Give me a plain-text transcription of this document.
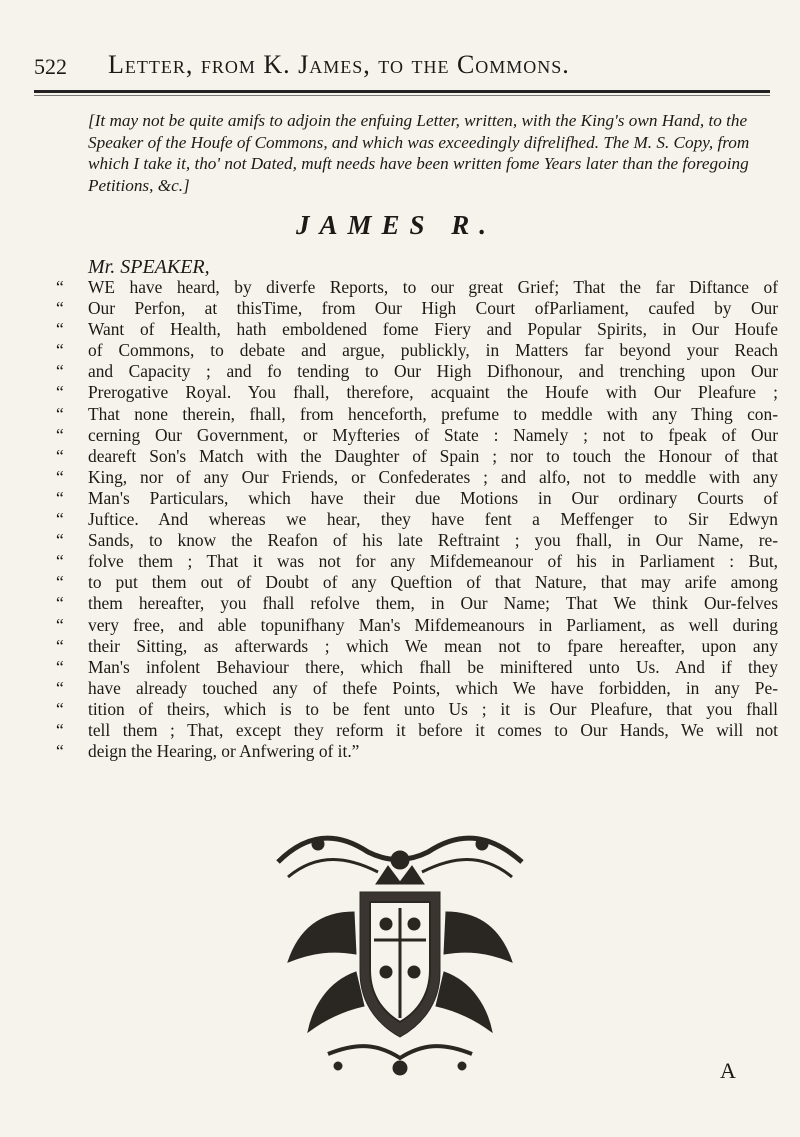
522 Letter, from K. James, to the Commons.
[It may not be quite amifs to adjoin the enfuing Letter, written, with the King's own Hand, to the Speaker of the Houfe of Commons, and which was exceedingly difrelifhed. The M. S. Copy, from which I take it, tho' not Dated, muft needs have been written fome Years later than the foregoing Petitions, &c.]
JAMES R.
Mr. SPEAKER,
“	WE have heard, by diverfe Reports, to our great Grief; That the far Diftance of
“	Our Perfon, at thisTime, from Our High Court ofParliament, caufed by Our
“	Want of Health, hath emboldened fome Fiery and Popular Spirits, in Our Houfe
“	of Commons, to debate and argue, publickly, in Matters far beyond your Reach
“	and Capacity ; and fo tending to Our High Difhonour, and trenching upon Our
“	Prerogative Royal. You fhall, therefore, acquaint the Houfe with Our Pleafure ;
“	That none therein, fhall, from henceforth, prefume to meddle with any Thing con-
“	cerning Our Government, or Myfteries of State : Namely ; not to fpeak of Our
“	deareft Son's Match with the Daughter of Spain ; nor to touch the Honour of that
“	King, nor of any Our Friends, or Confederates ; and alfo, not to meddle with any
“	Man's Particulars, which have their due Motions in Our ordinary Courts of
“	Juftice. And whereas we hear, they have fent a Meffenger to Sir Edwyn
“	Sands, to know the Reafon of his late Reftraint ; you fhall, in Our Name, re-
“	folve them ; That it was not for any Mifdemeanour of his in Parliament : But,
“	to put them out of Doubt of any Queftion of that Nature, that may arife among
“	them hereafter, you fhall refolve them, in Our Name; That We think Our-felves
“	very free, and able topunifhany Man's Mifdemeanours in Parliament, as well during
“	their Sitting, as afterwards ; which We mean not to fpare hereafter, upon any
“	Man's infolent Behaviour there, which fhall be miniftered unto Us. And if they
“	have already touched any of thefe Points, which We have forbidden, in any Pe-
“	tition of theirs, which is to be fent unto Us ; it is Our Pleafure, that you fhall
“	tell them ; That, except they reform it before it comes to Our Hands, We will not
“	deign the Hearing, or Anfwering of it.”
A
